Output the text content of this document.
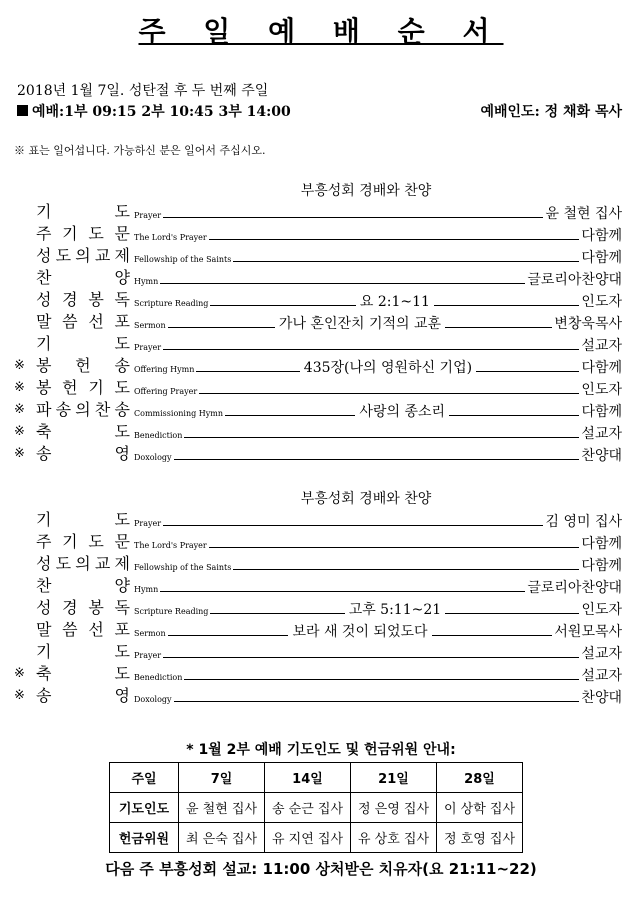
주 일 예 배 순 서
2018년 1월 7일. 성탄절 후 두 번째 주일
예배:1부 09:15 2부 10:45 3부 14:00	예배인도: 정 채화 목사
※ 표는 일어섭니다. 가능하신 분은 일어서 주십시오.
부흥성회 경배와 찬양
기	도 Prayer	윤 철현 집사
주 기 도 문 The Lord's Prayer	다함께
성 도 의 교 제 Fellowship of the Saints	다함께
찬	양 Hymn	글로리아찬양대
성 경 봉 독 Scripture Reading	요 2:1~11	인도자
말 씀 선 포 Sermon	가나 혼인잔치 기적의 교훈	변창욱목사
기	도 Prayer	설교자
※ 봉 헌 송 Offering Hymn	435장(나의 영원하신 기업)	다함께
※ 봉 헌 기 도 Offering Prayer	인도자
※ 파 송 의 찬 송 Commissioning Hymn	사랑의 종소리	다함께
※ 축	도 Benediction	설교자
※ 송	영 Doxology	찬양대
부흥성회 경배와 찬양
기	도 Prayer	김 영미 집사
주 기 도 문 The Lord's Prayer	다함께
성 도 의 교 제 Fellowship of the Saints	다함께
찬	양 Hymn	글로리아찬양대
성 경 봉 독 Scripture Reading	고후 5:11~21	인도자
말 씀 선 포 Sermon	보라 새 것이 되었도다	서원모목사
기	도 Prayer	설교자
※ 축	도 Benediction	설교자
※ 송	영 Doxology	찬양대
* 1월 2부 예배 기도인도 및 헌금위원 안내:
주일	7일	14일	21일	28일
기도인도	윤 철현 집사	송 순근 집사	정 은영 집사	이 상학 집사
헌금위원	최 은숙 집사	유 지연 집사	유 상호 집사	정 호영 집사
다음 주 부흥성회 설교: 11:00 상처받은 치유자(요 21:11~22)
